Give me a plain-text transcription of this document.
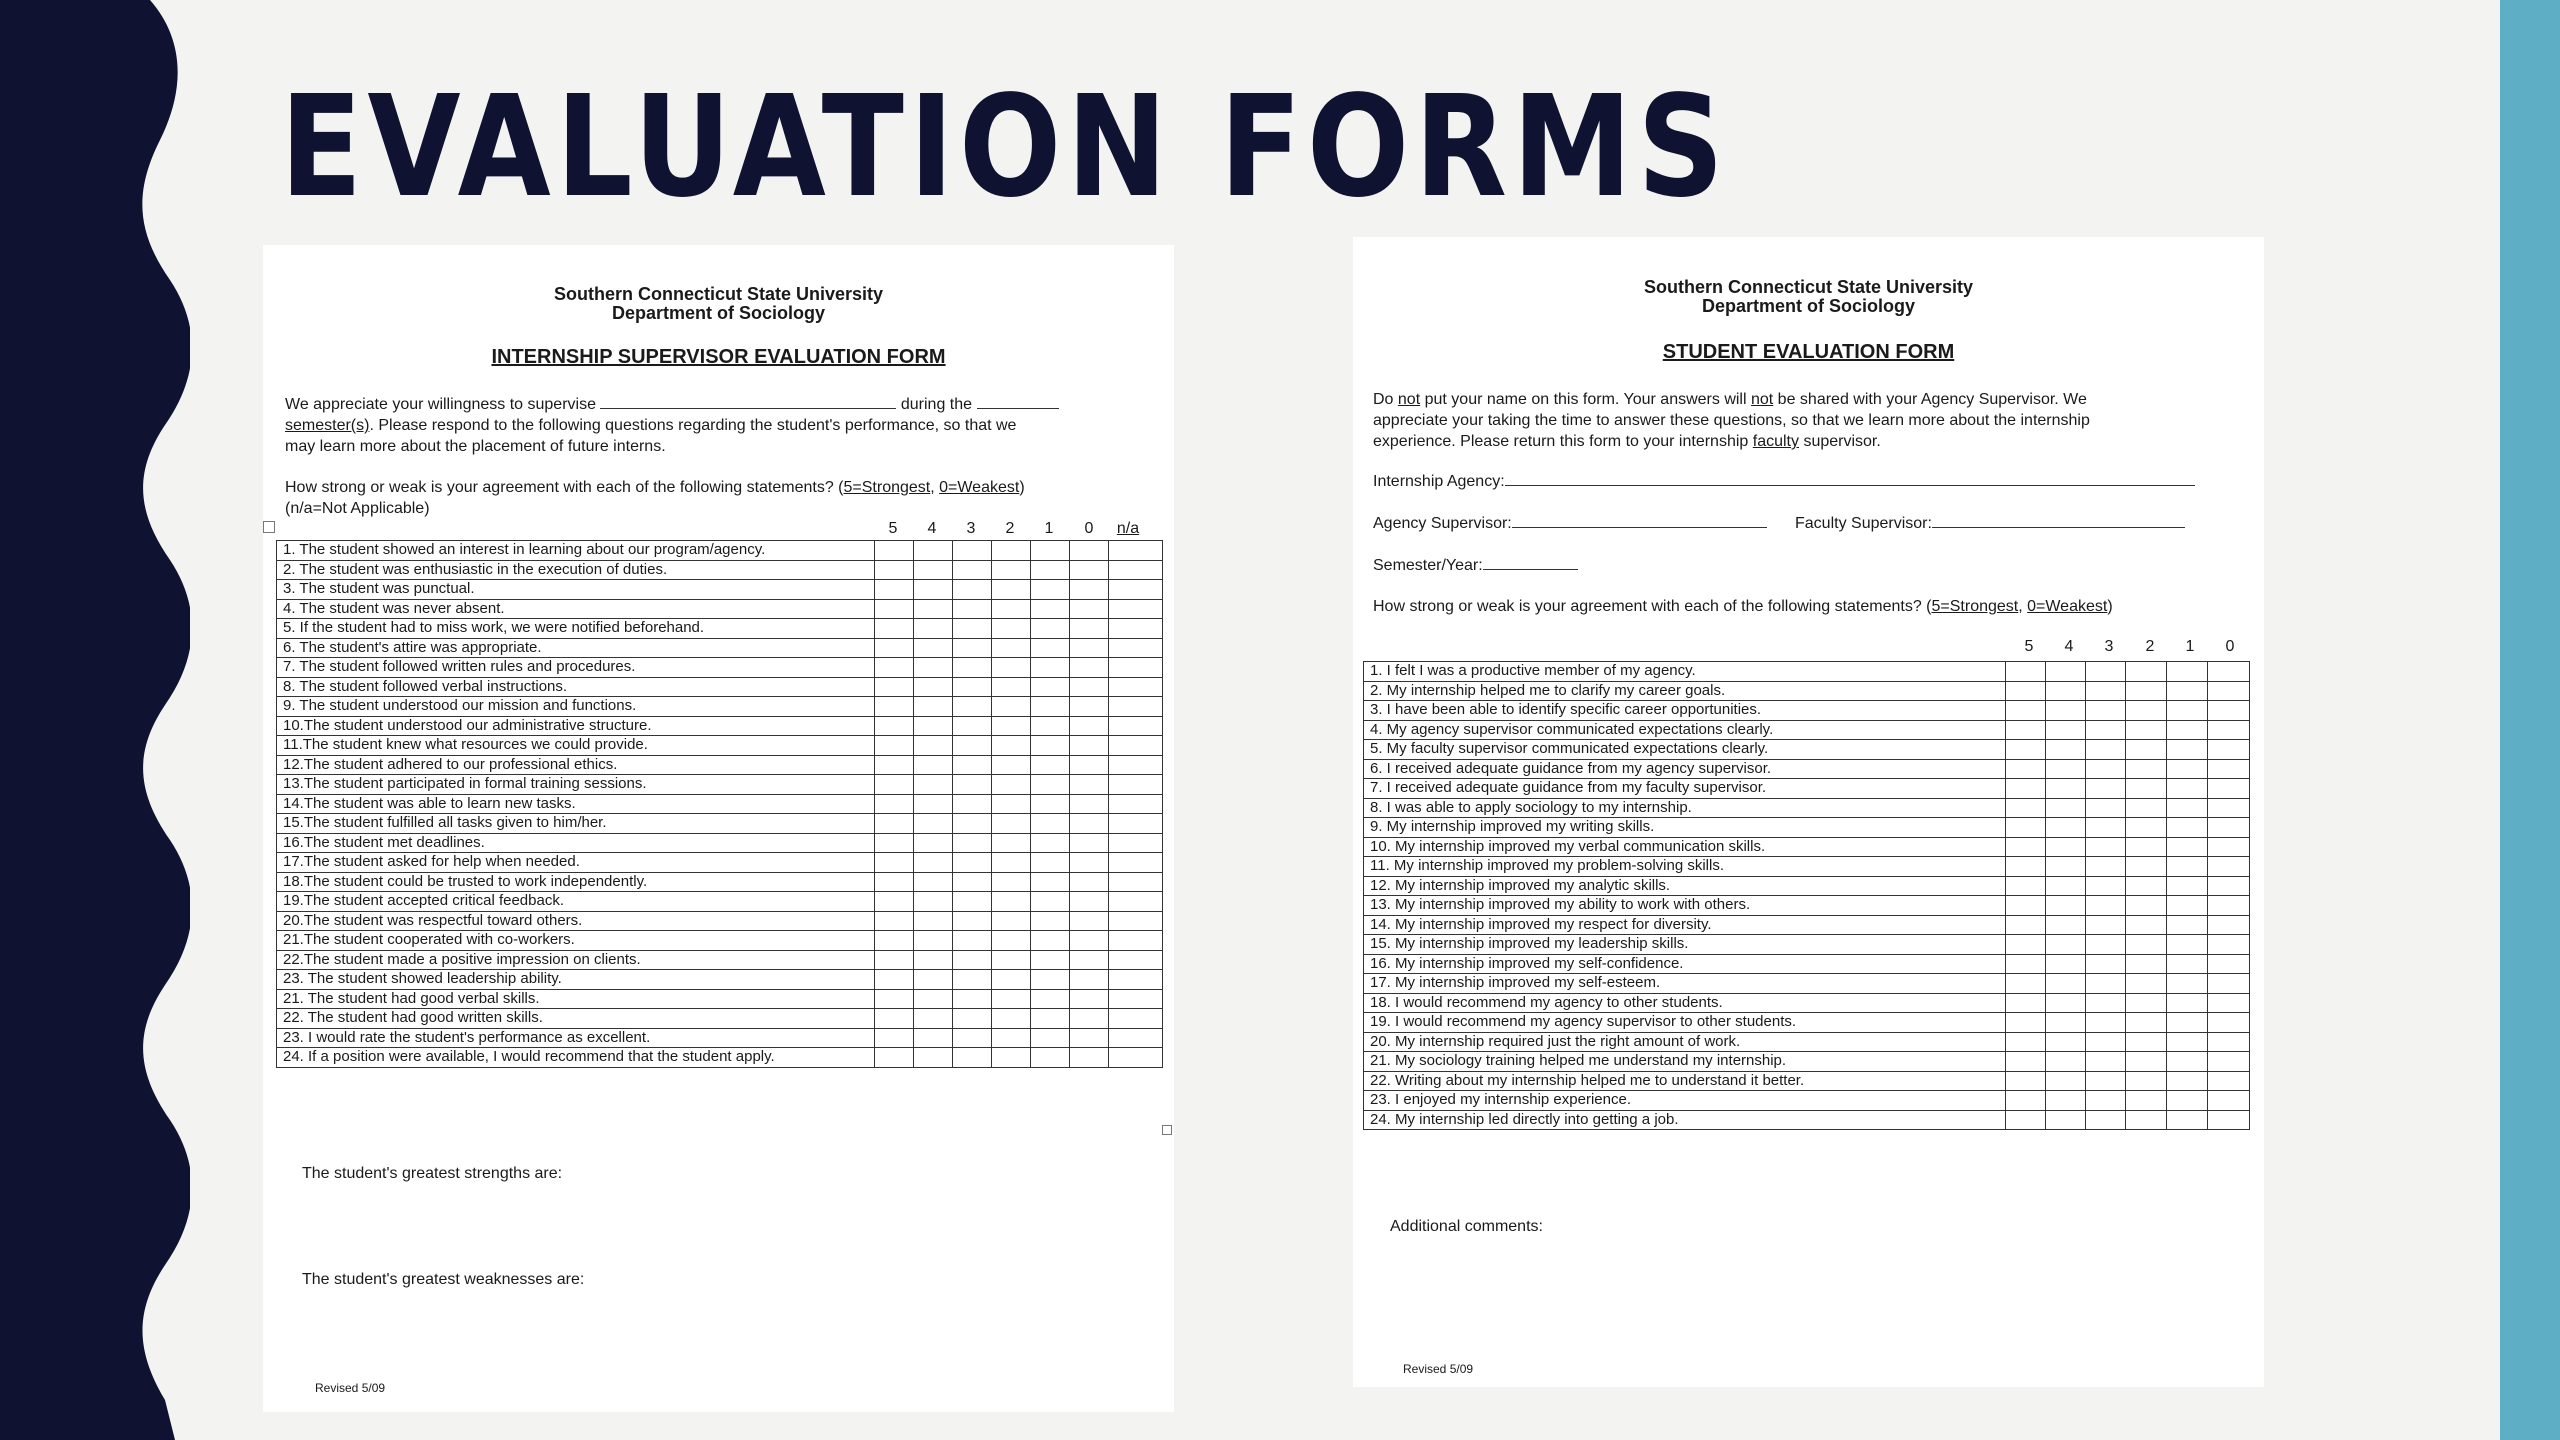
EVALUATION FORMS
Southern Connecticut State University
Department of Sociology
INTERNSHIP SUPERVISOR EVALUATION FORM
We appreciate your willingness to supervise	during the
semester(s). Please respond to the following questions regarding the student's performance, so that we
may learn more about the placement of future interns.
How strong or weak is your agreement with each of the following statements? (5=Strongest, 0=Weakest)
(n/a=Not Applicable)
5	4	3	2	1	0	n/a
1. The student showed an interest in learning about our program/agency.							
2. The student was enthusiastic in the execution of duties.							
3. The student was punctual.							
4. The student was never absent.							
5. If the student had to miss work, we were notified beforehand.							
6. The student's attire was appropriate.							
7. The student followed written rules and procedures.							
8. The student followed verbal instructions.							
9. The student understood our mission and functions.							
10.The student understood our administrative structure.							
11.The student knew what resources we could provide.							
12.The student adhered to our professional ethics.							
13.The student participated in formal training sessions.							
14.The student was able to learn new tasks.							
15.The student fulfilled all tasks given to him/her.							
16.The student met deadlines.							
17.The student asked for help when needed.							
18.The student could be trusted to work independently.							
19.The student accepted critical feedback.							
20.The student was respectful toward others.							
21.The student cooperated with co-workers.							
22.The student made a positive impression on clients.							
23. The student showed leadership ability.							
21. The student had good verbal skills.							
22. The student had good written skills.							
23. I would rate the student's performance as excellent.							
24. If a position were available, I would recommend that the student apply.							
The student's greatest strengths are:
The student's greatest weaknesses are:
Revised 5/09
Southern Connecticut State University
Department of Sociology
STUDENT EVALUATION FORM
Do not put your name on this form. Your answers will not be shared with your Agency Supervisor. We
appreciate your taking the time to answer these questions, so that we learn more about the internship
experience. Please return this form to your internship faculty supervisor.
Internship Agency:
Agency Supervisor:	Faculty Supervisor:
Semester/Year:
How strong or weak is your agreement with each of the following statements? (5=Strongest, 0=Weakest)
5	4	3	2	1	0
1. I felt I was a productive member of my agency.						
2. My internship helped me to clarify my career goals.						
3. I have been able to identify specific career opportunities.						
4. My agency supervisor communicated expectations clearly.						
5. My faculty supervisor communicated expectations clearly.						
6. I received adequate guidance from my agency supervisor.						
7. I received adequate guidance from my faculty supervisor.						
8. I was able to apply sociology to my internship.						
9. My internship improved my writing skills.						
10. My internship improved my verbal communication skills.						
11. My internship improved my problem-solving skills.						
12. My internship improved my analytic skills.						
13. My internship improved my ability to work with others.						
14. My internship improved my respect for diversity.						
15. My internship improved my leadership skills.						
16. My internship improved my self-confidence.						
17. My internship improved my self-esteem.						
18. I would recommend my agency to other students.						
19. I would recommend my agency supervisor to other students.						
20. My internship required just the right amount of work.						
21. My sociology training helped me understand my internship.						
22. Writing about my internship helped me to understand it better.						
23. I enjoyed my internship experience.						
24. My internship led directly into getting a job.						
Additional comments:
Revised 5/09
